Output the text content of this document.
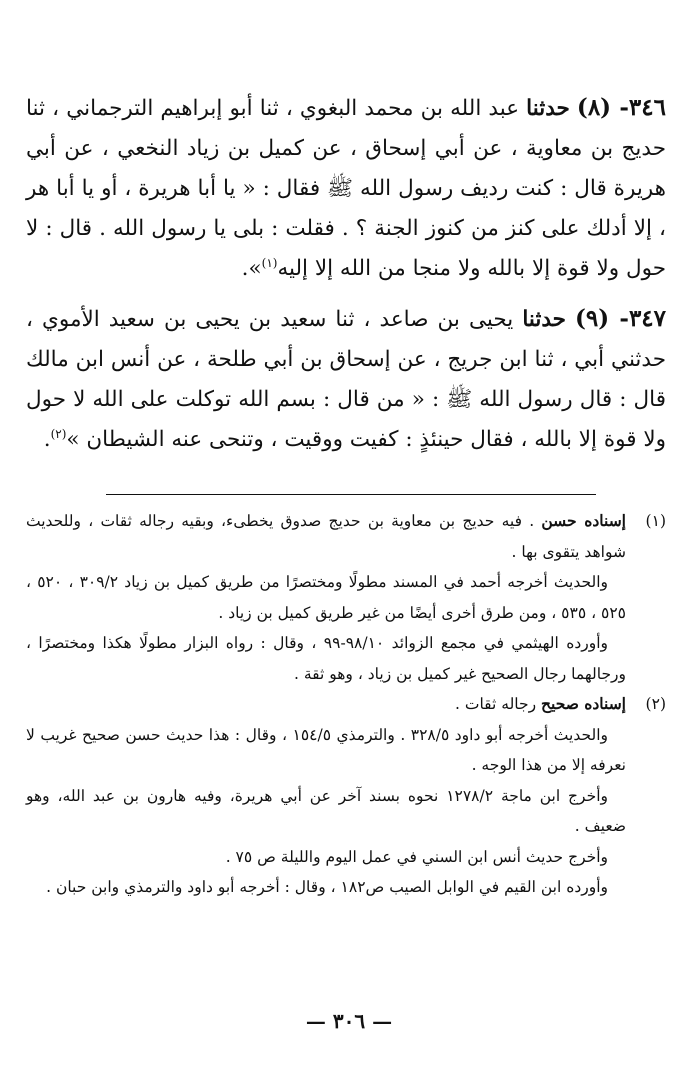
٣٤٦- (٨) حدثنا عبد الله بن محمد البغوي ، ثنا أبو إبراهيم الترجماني ، ثنا حديج بن معاوية ، عن أبي إسحاق ، عن كميل بن زياد النخعي ، عن أبي هريرة قال : كنت رديف رسول الله ﷺ فقال : « يا أبا هريرة ، أو يا أبا هر ، إلا أدلك على كنز من كنوز الجنة ؟ . فقلت : بلى يا رسول الله . قال : لا حول ولا قوة إلا بالله ولا منجا من الله إلا إليه$^{(١)}$».

٣٤٧- (٩) حدثنا يحيى بن صاعد ، ثنا سعيد بن يحيى بن سعيد الأموي ، حدثني أبي ، ثنا ابن جريج ، عن إسحاق بن أبي طلحة ، عن أنس ابن مالك قال : قال رسول الله ﷺ : « من قال : بسم الله توكلت على الله لا حول ولا قوة إلا بالله ، فقال حينئذٍ : كفيت ووقيت ، وتنحى عنه الشيطان »$^{(٢)}$.

(١)

إسناده حسن . فيه حديج بن معاوية بن حديج صدوق يخطىء، وبقيه رجاله ثقات ، وللحديث شواهد يتقوى بها .

والحديث أخرجه أحمد في المسند مطولًا ومختصرًا من طريق كميل بن زياد ٣٠٩/٢ ، ٥٢٠ ، ٥٢٥ ، ٥٣٥ ، ومن طرق أخرى أيضًا من غير طريق كميل بن زياد .

وأورده الهيثمي في مجمع الزوائد ٩٨/١٠-٩٩ ، وقال : رواه البزار مطولًا هكذا ومختصرًا ، ورجالهما رجال الصحيح غير كميل بن زياد ، وهو ثقة .

(٢)

إسناده صحيح رجاله ثقات .

والحديث أخرجه أبو داود ٣٢٨/٥ . والترمذي ١٥٤/٥ ، وقال : هذا حديث حسن صحيح غريب لا نعرفه إلا من هذا الوجه .

وأخرج ابن ماجة ١٢٧٨/٢ نحوه بسند آخر عن أبي هريرة، وفيه هارون بن عبد الله، وهو ضعيف .

وأخرج حديث أنس ابن السني في عمل اليوم والليلة ص ٧٥ .

وأورده ابن القيم في الوابل الصيب ص١٨٢ ، وقال : أخرجه أبو داود والترمذي وابن حبان .

— ٣٠٦ —
